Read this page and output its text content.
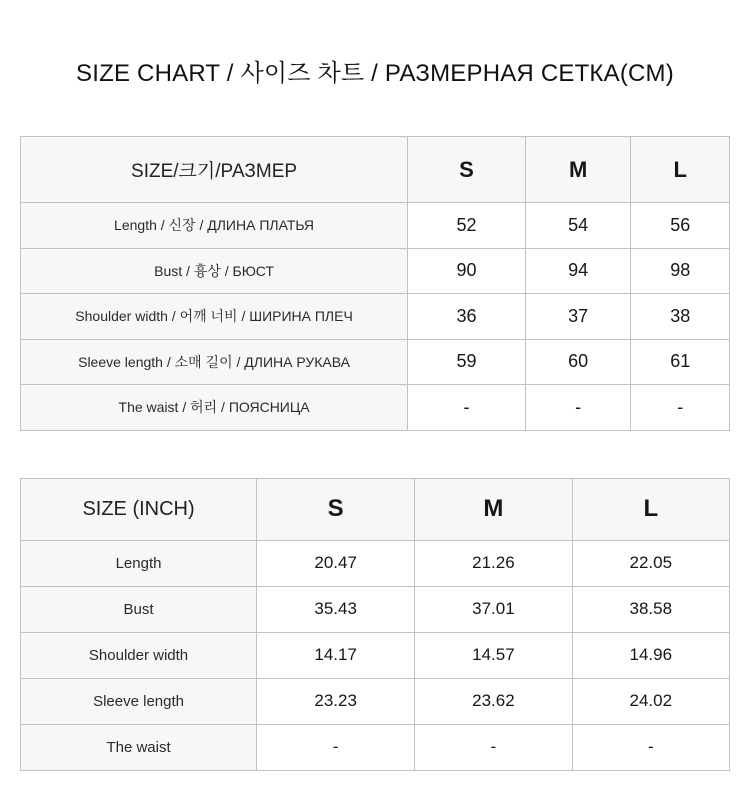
SIZE CHART / 사이즈 차트 / РАЗМЕРНАЯ СЕТКА(CM)
SIZE/크기/РАЗМЕР	S	M	L
Length / 신장 / ДЛИНА ПЛАТЬЯ	52	54	56
Bust / 흉상 / БЮСТ	90	94	98
Shoulder width / 어깨 너비 / ШИРИНА ПЛЕЧ	36	37	38
Sleeve length / 소매 길이 / ДЛИНА РУКАВА	59	60	61
The waist / 허리 / ПОЯСНИЦА	-	-	-
SIZE (INCH)	S	M	L
Length	20.47	21.26	22.05
Bust	35.43	37.01	38.58
Shoulder width	14.17	14.57	14.96
Sleeve length	23.23	23.62	24.02
The waist	-	-	-
